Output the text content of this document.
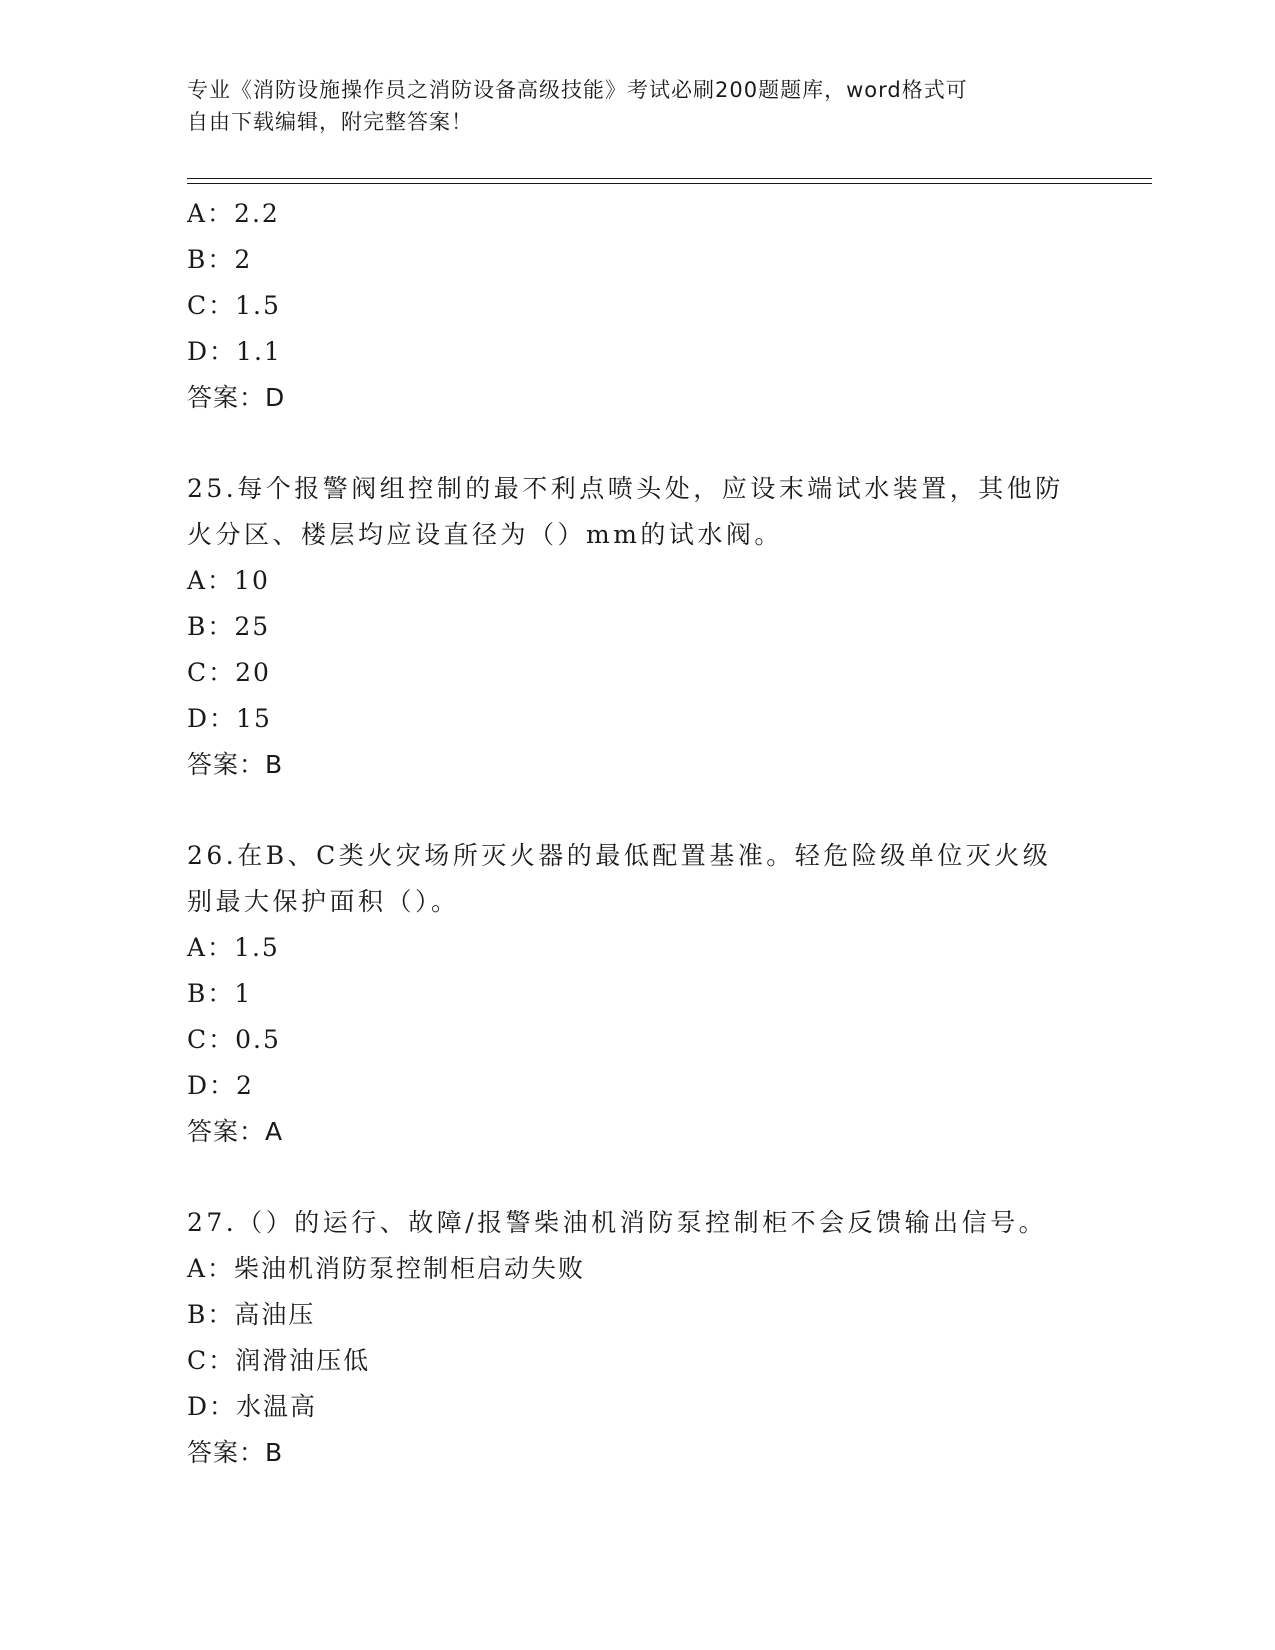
专业《消防设施操作员之消防设备高级技能》考试必刷200题题库，word格式可
自由下载编辑，附完整答案！
A：2.2
B：2
C：1.5
D：1.1
答案：D
25.每个报警阀组控制的最不利点喷头处，应设末端试水装置，其他防
火分区、楼层均应设直径为（）mm的试水阀。
A：10
B：25
C：20
D：15
答案：B
26.在B、C类火灾场所灭火器的最低配置基准。轻危险级单位灭火级
别最大保护面积（）。
A：1.5
B：1
C：0.5
D：2
答案：A
27.（）的运行、故障/报警柴油机消防泵控制柜不会反馈输出信号。
A：柴油机消防泵控制柜启动失败
B：高油压
C：润滑油压低
D：水温高
答案：B
